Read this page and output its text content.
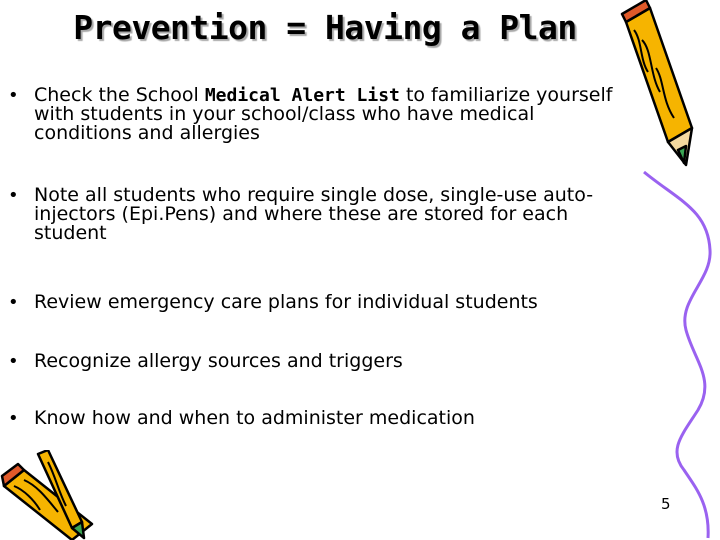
Prevention = Having a Plan
• Check the School Medical Alert List to familiarize yourself with students in your school/class who have medical conditions and allergies
• Note all students who require single dose, single-use auto-injectors (Epi.Pens) and where these are stored for each student
• Review emergency care plans for individual students
• Recognize allergy sources and triggers
• Know how and when to administer medication
5
